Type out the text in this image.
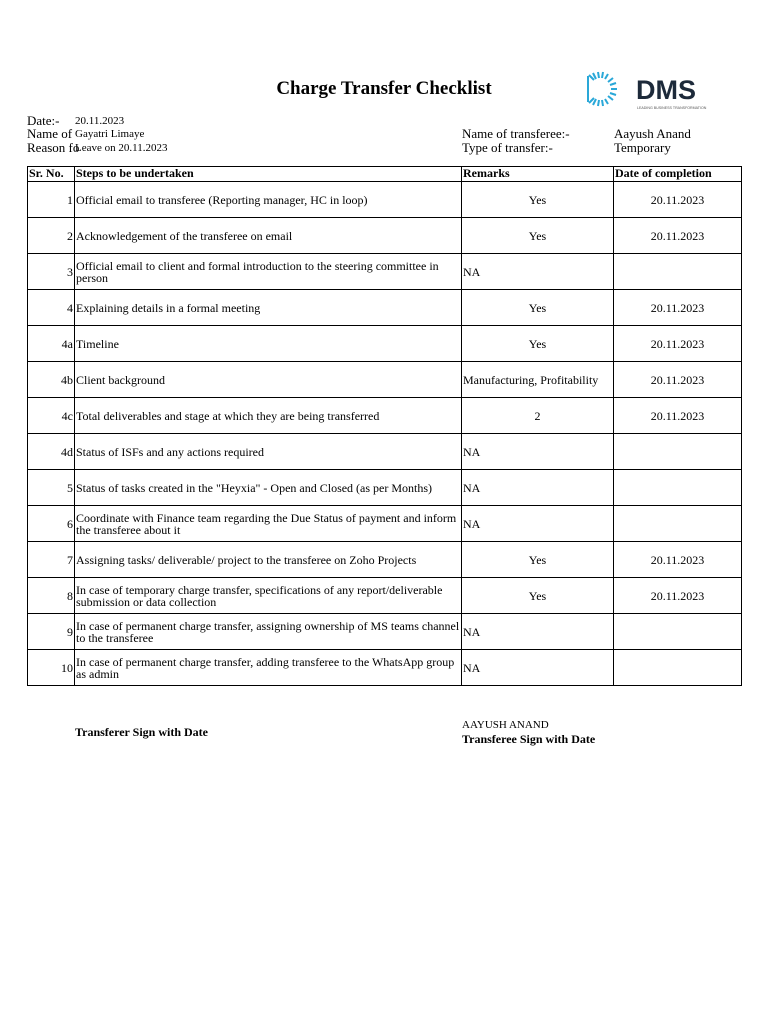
Charge Transfer Checklist	DMS
LEADING BUSINESS TRANSFORMATION
Date:- 20.11.2023
Name of Gayatri Limaye
Reason fo
Leave on 20.11.2023
Name of transferee:-	Aayush Anand
Type of transfer:-	Temporary
Sr. No.	Steps to be undertaken	Remarks	Date of completion
1	Official email to transferee (Reporting manager, HC in loop)	Yes	20.11.2023
2	Acknowledgement of the transferee on email	Yes	20.11.2023
3	Official email to client and formal introduction to the steering committee in person	NA	
4	Explaining details in a formal meeting	Yes	20.11.2023
4a	Timeline	Yes	20.11.2023
4b	Client background	Manufacturing, Profitability	20.11.2023
4c	Total deliverables and stage at which they are being transferred	2	20.11.2023
4d	Status of ISFs and any actions required	NA	
5	Status of tasks created in the "Heyxia" - Open and Closed (as per Months)	NA	
6	Coordinate with Finance team regarding the Due Status of payment and inform the transferee about it	NA	
7	Assigning tasks/ deliverable/ project to the transferee on Zoho Projects	Yes	20.11.2023
8	In case of temporary charge transfer, specifications of any report/deliverable submission or data collection	Yes	20.11.2023
9	In case of permanent charge transfer, assigning ownership of MS teams channel to the transferee	NA	
10	In case of permanent charge transfer, adding transferee to the WhatsApp group as admin	NA	
Transferer Sign with Date	AAYUSH ANAND
Transferee Sign with Date
